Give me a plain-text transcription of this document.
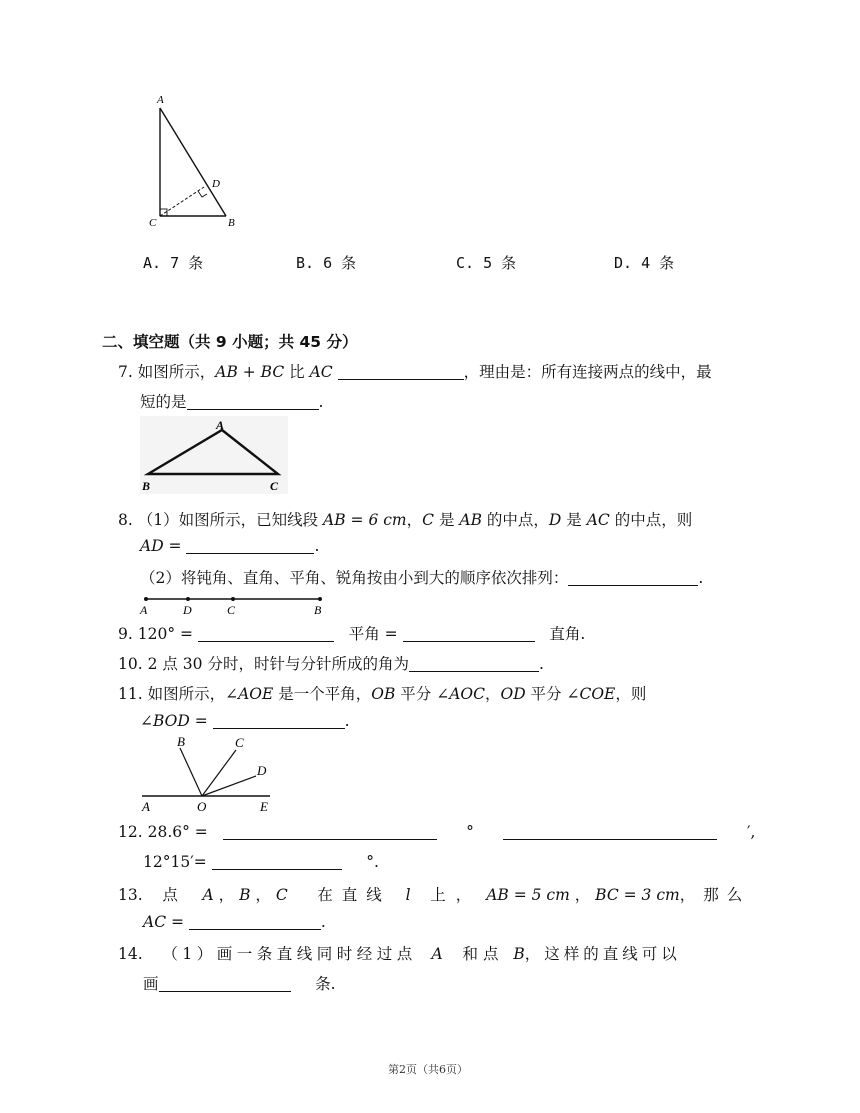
A
D
C	B
A. 7 条	B. 6 条	C. 5 条	D. 4 条
二、填空题（共 9 小题；共 45 分）
7. 如图所示，AB + BC 比 AC	，理由是：所有连接两点的线中，最
短的是	.
A
B	C
8. （1）如图所示，已知线段 AB = 6 cm，C 是 AB 的中点，D 是 AC 的中点，则
AD =	.
（2）将钝角、直角、平角、锐角按由小到大的顺序依次排列：	.
A	D	C	B
9. 120° =	平角 =	直角.
10. 2 点 30 分时，时针与分针所成的角为	.
11. 如图所示，∠AOE 是一个平角，OB 平分 ∠AOC，OD 平分 ∠COE，则
∠BOD =	.
B	C
D
A	O	E
12. 28.6° =	°	′,
12°15′=	°.
13. 点 A ， B ， C 在直线 l 上， AB = 5 cm ， BC = 3 cm，那么
AC =	.
14. （1）画一条直线同时经过点 A 和点 B，这样的直线可以
画	条.
第2页（共6页）
